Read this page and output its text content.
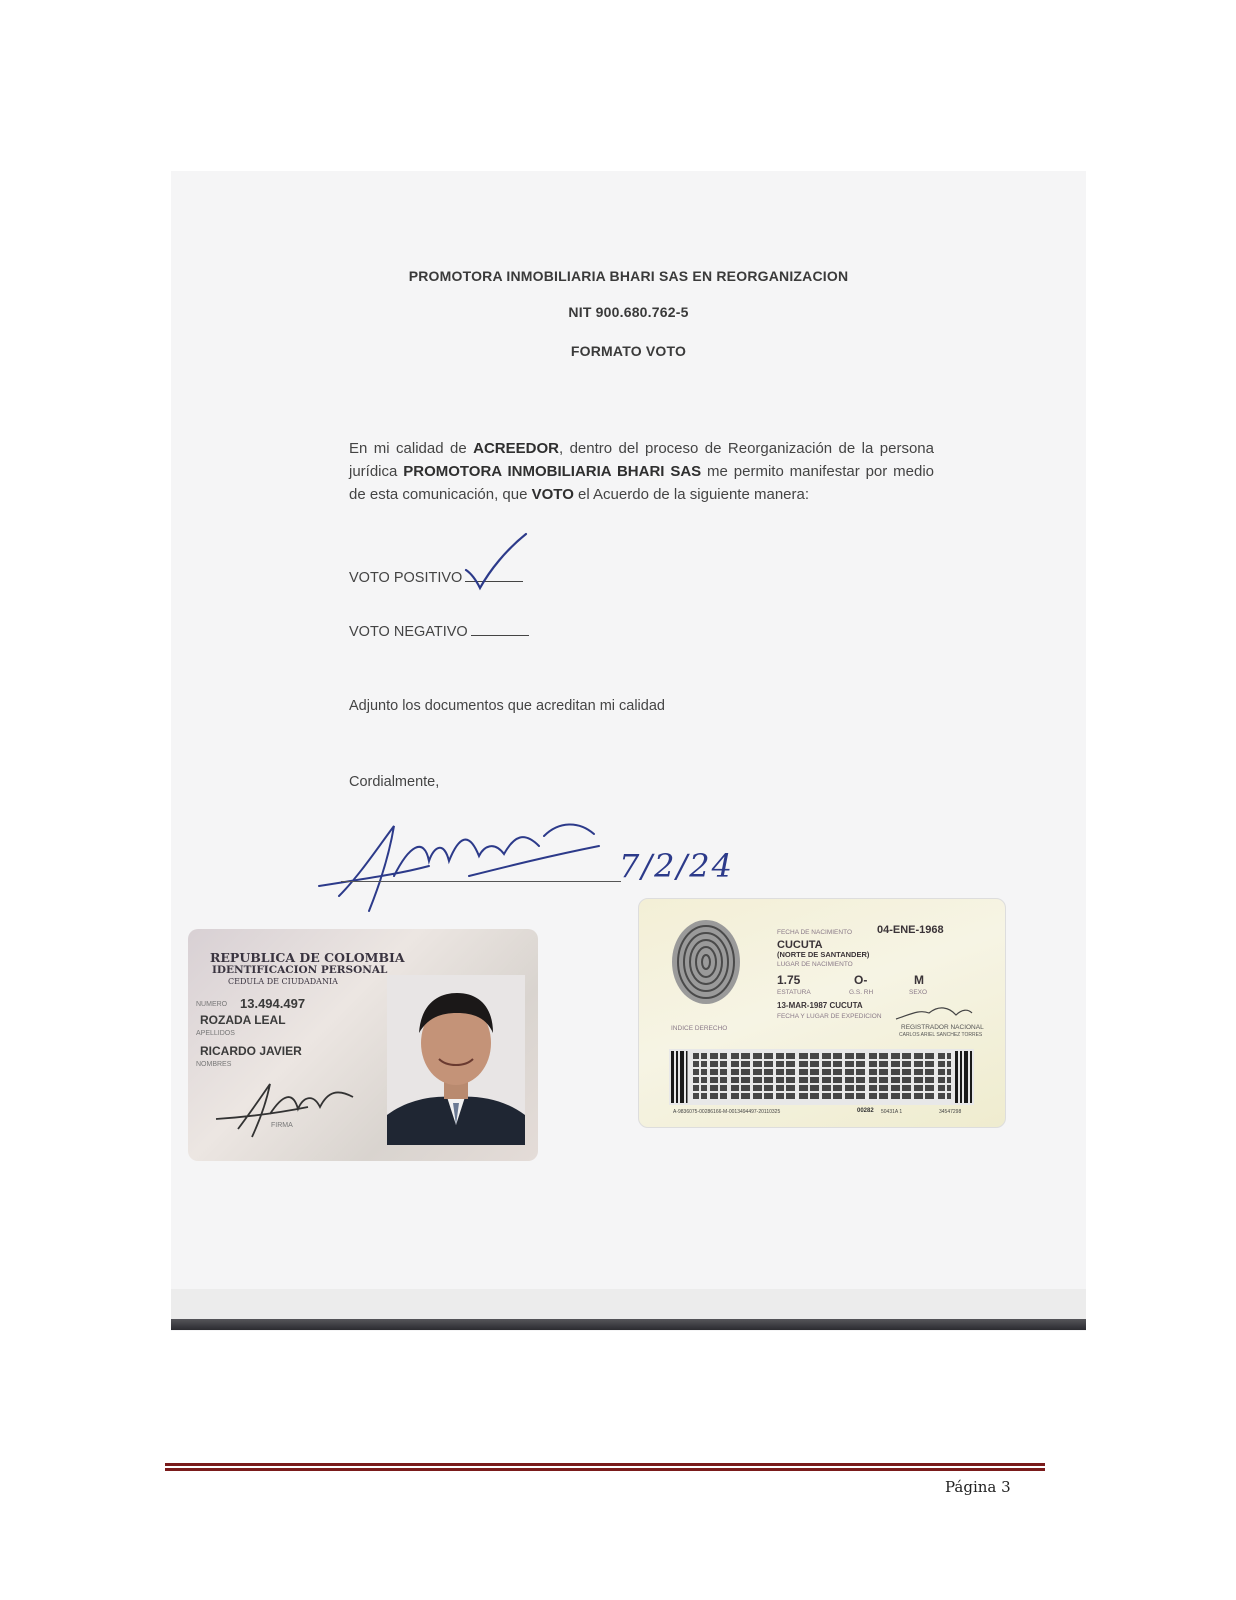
PROMOTORA INMOBILIARIA BHARI SAS EN REORGANIZACION
NIT 900.680.762-5
FORMATO VOTO
En mi calidad de ACREEDOR, dentro del proceso de Reorganización de la persona jurídica PROMOTORA INMOBILIARIA BHARI SAS me permito manifestar por medio de esta comunicación, que VOTO el Acuerdo de la siguiente manera:
VOTO POSITIVO
VOTO NEGATIVO
Adjunto los documentos que acreditan mi calidad
Cordialmente,
7/2/24
REPUBLICA DE COLOMBIA
IDENTIFICACION PERSONAL
CEDULA DE CIUDADANIA
NUMERO 13.494.497
ROZADA LEAL
APELLIDOS
RICARDO JAVIER
NOMBRES
FIRMA
INDICE DERECHO
FECHA DE NACIMIENTO 04-ENE-1968
CUCUTA
(NORTE DE SANTANDER)
LUGAR DE NACIMIENTO
1.75	O-	M
ESTATURA	G.S. RH	SEXO
13-MAR-1987 CUCUTA
FECHA Y LUGAR DE EXPEDICION
REGISTRADOR NACIONAL
CARLOS ARIEL SANCHEZ TORRES
A-9836075-00286166-M-0013494497-20110325	00282 50431A 1	34547298
Página 3
